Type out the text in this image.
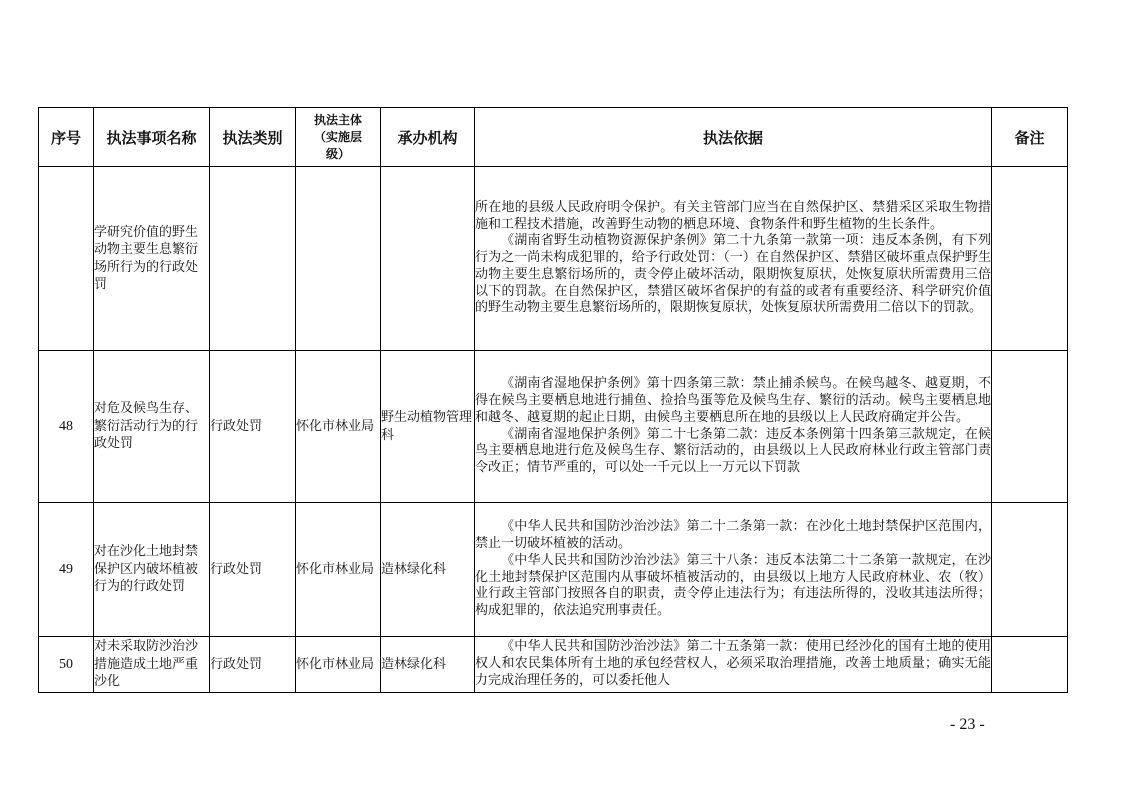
序号	执法事项名称	执法类别	执法主体（实施层级）	承办机构	执法依据	备注
	学研究价值的野生动物主要生息繁衍场所行为的行政处罚				所在地的县级人民政府明令保护。有关主管部门应当在自然保护区、禁猎采区采取生物措施和工程技术措施，改善野生动物的栖息环境、食物条件和野生植物的生长条件。
《湖南省野生动植物资源保护条例》第二十九条第一款第一项：违反本条例，有下列行为之一尚未构成犯罪的，给予行政处罚：（一）在自然保护区、禁猎区破坏重点保护野生动物主要生息繁衍场所的，责令停止破坏活动，限期恢复原状，处恢复原状所需费用三倍以下的罚款。在自然保护区，禁猎区破坏省保护的有益的或者有重要经济、科学研究价值的野生动物主要生息繁衍场所的，限期恢复原状，处恢复原状所需费用二倍以下的罚款。	

48	对危及候鸟生存、繁衍活动行为的行政处罚	行政处罚	怀化市林业局	野生动植物管理科	《湖南省湿地保护条例》第十四条第三款：禁止捕杀候鸟。在候鸟越冬、越夏期，不得在候鸟主要栖息地进行捕鱼、捡拾鸟蛋等危及候鸟生存、繁衍的活动。候鸟主要栖息地和越冬、越夏期的起止日期，由候鸟主要栖息所在地的县级以上人民政府确定并公告。
《湖南省湿地保护条例》第二十七条第二款：违反本条例第十四条第三款规定，在候鸟主要栖息地进行危及候鸟生存、繁衍活动的，由县级以上人民政府林业行政主管部门责令改正；情节严重的，可以处一千元以上一万元以下罚款	

49	对在沙化土地封禁保护区内破坏植被行为的行政处罚	行政处罚	怀化市林业局	造林绿化科	《中华人民共和国防沙治沙法》第二十二条第一款：在沙化土地封禁保护区范围内，禁止一切破坏植被的活动。
《中华人民共和国防沙治沙法》第三十八条：违反本法第二十二条第一款规定，在沙化土地封禁保护区范围内从事破坏植被活动的，由县级以上地方人民政府林业、农（牧）业行政主管部门按照各自的职责，责令停止违法行为；有违法所得的，没收其违法所得；构成犯罪的，依法追究刑事责任。	

50	对未采取防沙治沙措施造成土地严重沙化	行政处罚	怀化市林业局	造林绿化科	《中华人民共和国防沙治沙法》第二十五条第一款：使用已经沙化的国有土地的使用权人和农民集体所有土地的承包经营权人，必须采取治理措施，改善土地质量；确实无能力完成治理任务的，可以委托他人	

- 23 -
